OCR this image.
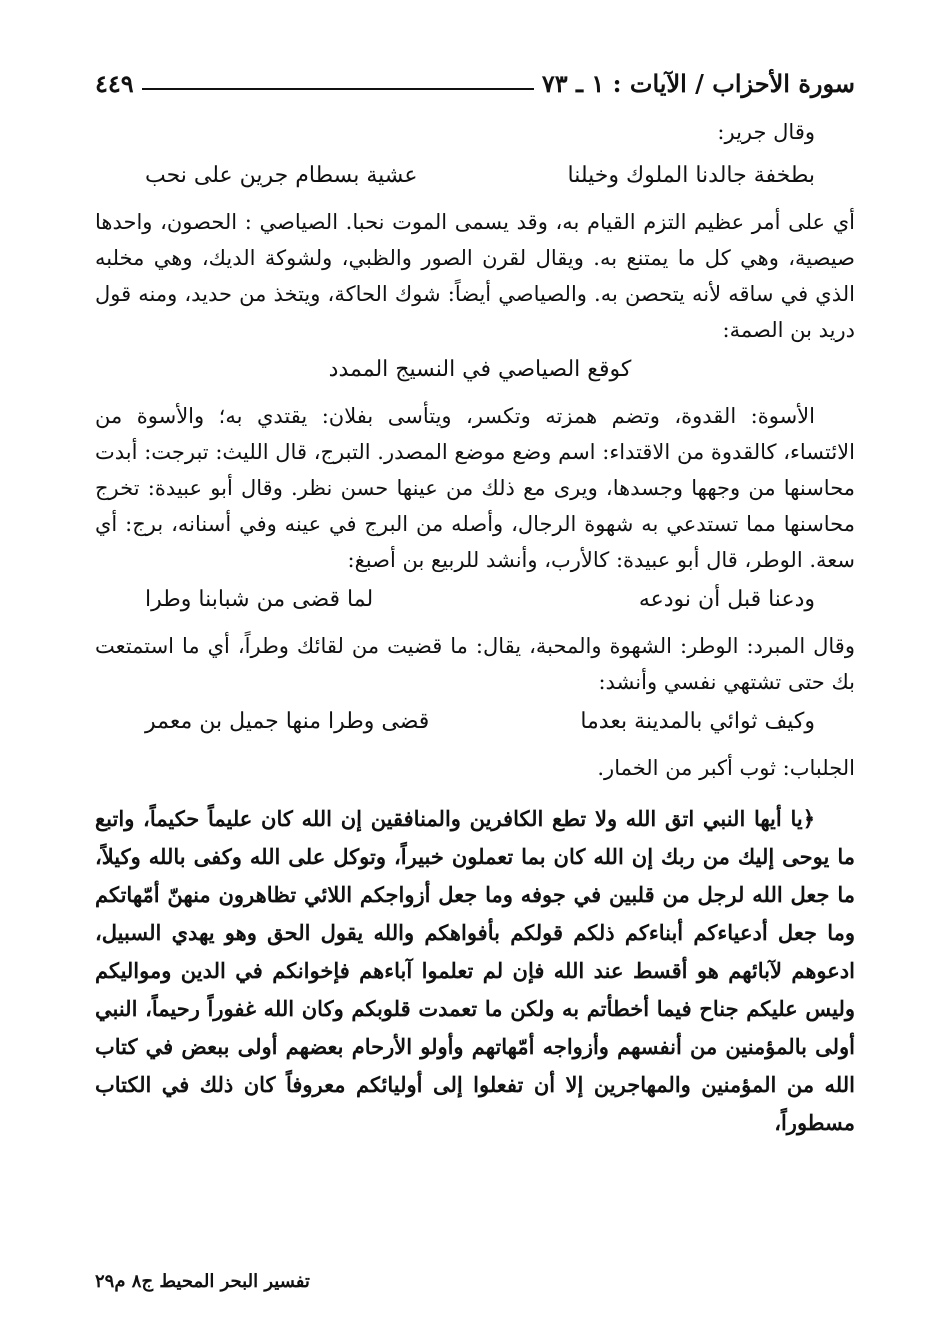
سورة الأحزاب / الآيات : ١ ـ ٧٣
٤٤٩

وقال جرير:

بطخفة جالدنا الملوك وخيلنا
عشية بسطام جرين على نحب

أي على أمر عظيم التزم القيام به، وقد يسمى الموت نحبا. الصياصي : الحصون، واحدها صيصية، وهي كل ما يمتنع به. ويقال لقرن الصور والظبي، ولشوكة الديك، وهي مخلبه الذي في ساقه لأنه يتحصن به. والصياصي أيضاً: شوك الحاكة، ويتخذ من حديد، ومنه قول دريد بن الصمة:

كوقع الصياصي في النسيج الممدد

الأسوة: القدوة، وتضم همزته وتكسر، ويتأسى بفلان: يقتدي به؛ والأسوة من الائتساء، كالقدوة من الاقتداء: اسم وضع موضع المصدر. التبرج، قال الليث: تبرجت: أبدت محاسنها من وجهها وجسدها، ويرى مع ذلك من عينها حسن نظر. وقال أبو عبيدة: تخرج محاسنها مما تستدعي به شهوة الرجال، وأصله من البرج في عينه وفي أسنانه، برج: أي سعة. الوطر، قال أبو عبيدة: كالأرب، وأنشد للربيع بن أصبغ:

ودعنا قبل أن نودعه
لما قضى من شبابنا وطرا

وقال المبرد: الوطر: الشهوة والمحبة، يقال: ما قضيت من لقائك وطراً، أي ما استمتعت بك حتى تشتهي نفسي وأنشد:

وكيف ثوائي بالمدينة بعدما
قضى وطرا منها جميل بن معمر

الجلباب: ثوب أكبر من الخمار.

﴿يا أيها النبي اتق الله ولا تطع الكافرين والمنافقين إن الله كان عليماً حكيماً، واتبع ما يوحى إليك من ربك إن الله كان بما تعملون خبيراً، وتوكل على الله وكفى بالله وكيلاً، ما جعل الله لرجل من قلبين في جوفه وما جعل أزواجكم اللائي تظاهرون منهنّ أمّهاتكم وما جعل أدعياءكم أبناءكم ذلكم قولكم بأفواهكم والله يقول الحق وهو يهدي السبيل، ادعوهم لآبائهم هو أقسط عند الله فإن لم تعلموا آباءهم فإخوانكم في الدين ومواليكم وليس عليكم جناح فيما أخطأتم به ولكن ما تعمدت قلوبكم وكان الله غفوراً رحيماً، النبي أولى بالمؤمنين من أنفسهم وأزواجه أمّهاتهم وأولو الأرحام بعضهم أولى ببعض في كتاب الله من المؤمنين والمهاجرين إلا أن تفعلوا إلى أوليائكم معروفاً كان ذلك في الكتاب مسطوراً،

تفسير البحر المحيط ج٨ م٢٩
